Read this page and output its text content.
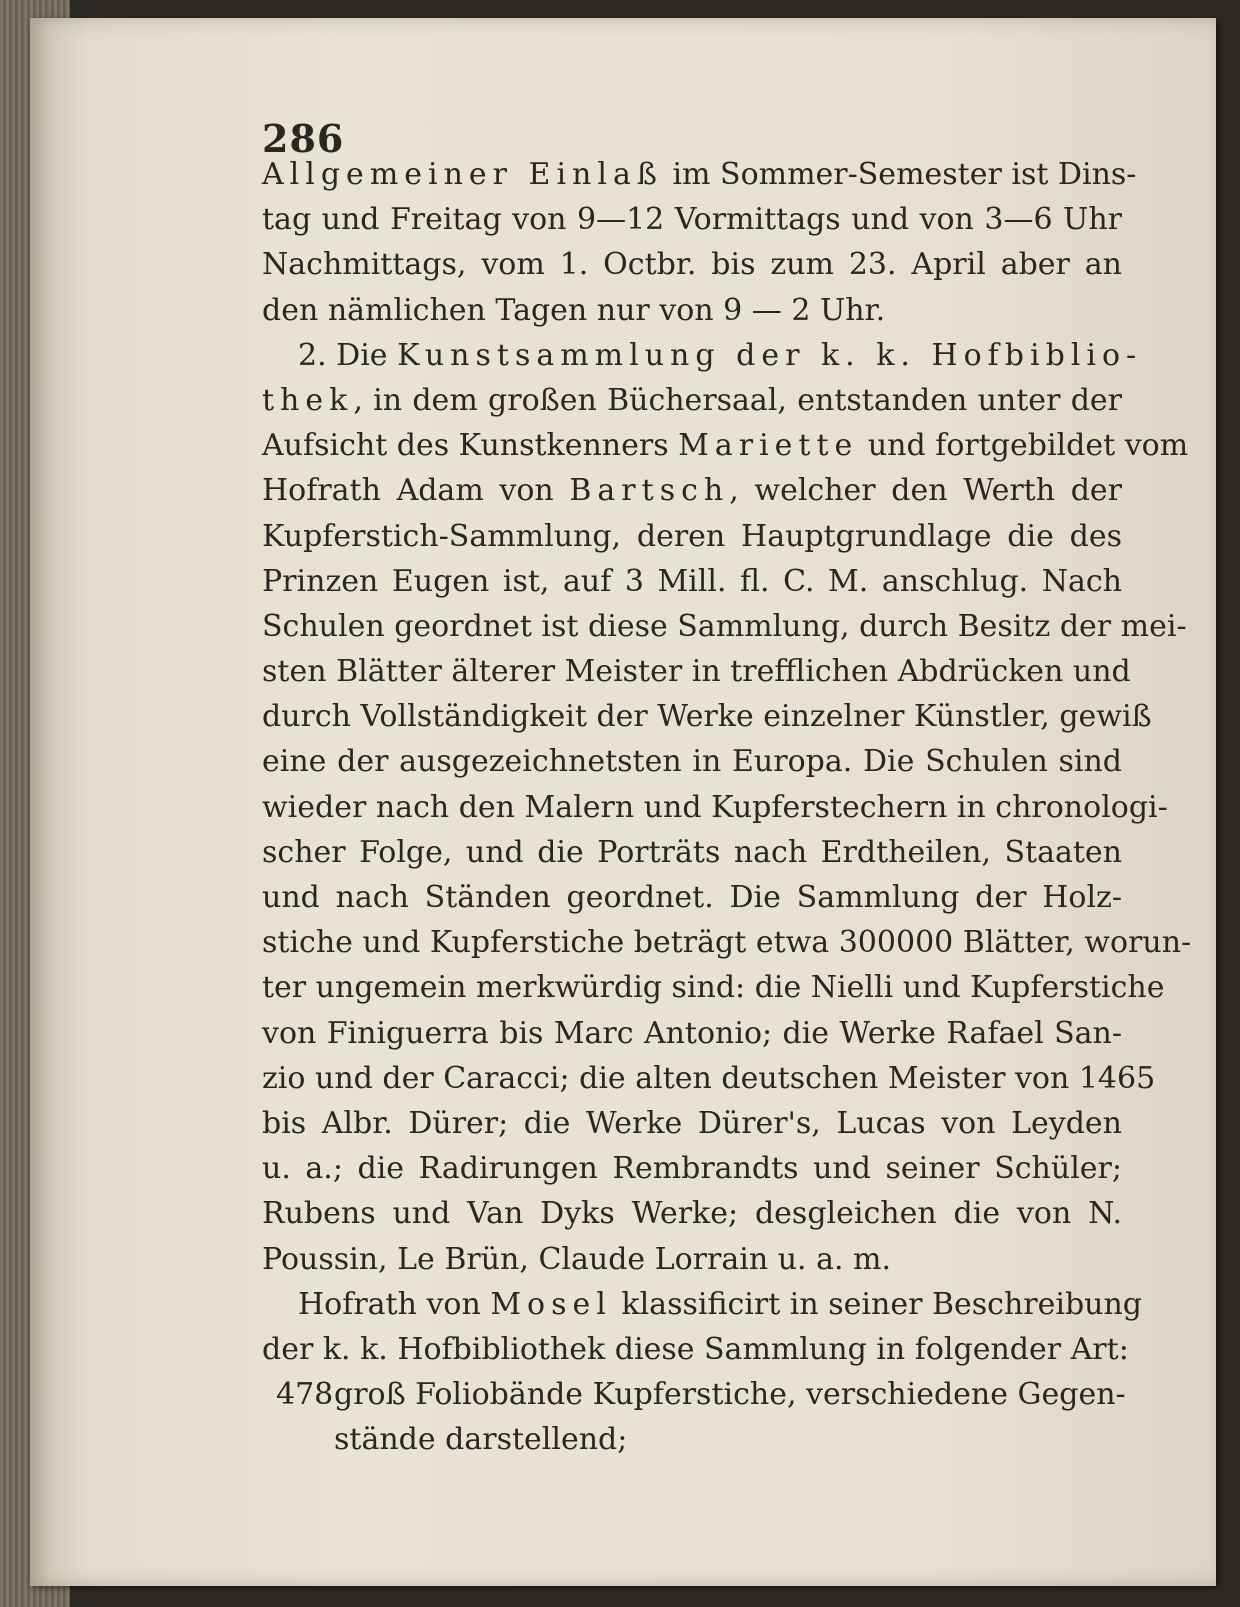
286
Allgemeiner Einlaß im Sommer-Semester ist Dins-
tag und Freitag von 9—12 Vormittags und von 3—6 Uhr
Nachmittags, vom 1. Octbr. bis zum 23. April aber an
den nämlichen Tagen nur von 9 — 2 Uhr.
2. Die Kunstsammlung der k. k. Hofbiblio-
thek, in dem großen Büchersaal, entstanden unter der
Aufsicht des Kunstkenners Mariette und fortgebildet vom
Hofrath Adam von Bartsch, welcher den Werth der
Kupferstich-Sammlung, deren Hauptgrundlage die des
Prinzen Eugen ist, auf 3 Mill. fl. C. M. anschlug. Nach
Schulen geordnet ist diese Sammlung, durch Besitz der mei-
sten Blätter älterer Meister in trefflichen Abdrücken und
durch Vollständigkeit der Werke einzelner Künstler, gewiß
eine der ausgezeichnetsten in Europa. Die Schulen sind
wieder nach den Malern und Kupferstechern in chronologi-
scher Folge, und die Porträts nach Erdtheilen, Staaten
und nach Ständen geordnet. Die Sammlung der Holz-
stiche und Kupferstiche beträgt etwa 300000 Blätter, worun-
ter ungemein merkwürdig sind: die Nielli und Kupferstiche
von Finiguerra bis Marc Antonio; die Werke Rafael San-
zio und der Caracci; die alten deutschen Meister von 1465
bis Albr. Dürer; die Werke Dürer's, Lucas von Leyden
u. a.; die Radirungen Rembrandts und seiner Schüler;
Rubens und Van Dyks Werke; desgleichen die von N.
Poussin, Le Brün, Claude Lorrain u. a. m.
Hofrath von Mosel klassificirt in seiner Beschreibung
der k. k. Hofbibliothek diese Sammlung in folgender Art:
478 groß Foliobände Kupferstiche, verschiedene Gegen-
stände darstellend;
